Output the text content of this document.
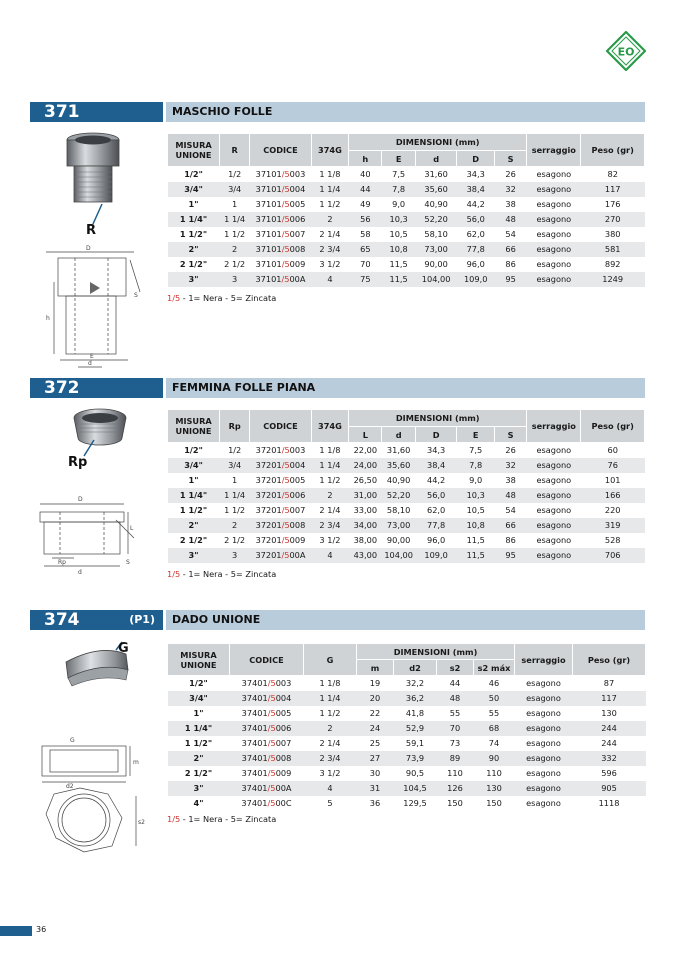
EO
371	MASCHIO FOLLE
R
D
S
E
d
h
MISURA UNIONE	R	CODICE	374G	DIMENSIONI (mm)					serraggio	Peso (gr)
				h	E	d	D	S		
1/2"	1/2	37101/5003	1 1/8	40	7,5	31,60	34,3	26	esagono	82
3/4"	3/4	37101/5004	1 1/4	44	7,8	35,60	38,4	32	esagono	117
1"	1	37101/5005	1 1/2	49	9,0	40,90	44,2	38	esagono	176
1 1/4"	1 1/4	37101/5006	2	56	10,3	52,20	56,0	48	esagono	270
1 1/2"	1 1/2	37101/5007	2 1/4	58	10,5	58,10	62,0	54	esagono	380
2"	2	37101/5008	2 3/4	65	10,8	73,00	77,8	66	esagono	581
2 1/2"	2 1/2	37101/5009	3 1/2	70	11,5	90,00	96,0	86	esagono	892
3"	3	37101/500A	4	75	11,5	104,00	109,0	95	esagono	1249
1/5 - 1= Nera - 5= Zincata
372	FEMMINA FOLLE PIANA
Rp
D
Rp	S
d
L
MISURA UNIONE	Rp	CODICE	374G	DIMENSIONI (mm)					serraggio	Peso (gr)
				L	d	D	E	S		
1/2"	1/2	37201/5003	1 1/8	22,00	31,60	34,3	7,5	26	esagono	60
3/4"	3/4	37201/5004	1 1/4	24,00	35,60	38,4	7,8	32	esagono	76
1"	1	37201/5005	1 1/2	26,50	40,90	44,2	9,0	38	esagono	101
1 1/4"	1 1/4	37201/5006	2	31,00	52,20	56,0	10,3	48	esagono	166
1 1/2"	1 1/2	37201/5007	2 1/4	33,00	58,10	62,0	10,5	54	esagono	220
2"	2	37201/5008	2 3/4	34,00	73,00	77,8	10,8	66	esagono	319
2 1/2"	2 1/2	37201/5009	3 1/2	38,00	90,00	96,0	11,5	86	esagono	528
3"	3	37201/500A	4	43,00	104,00	109,0	11,5	95	esagono	706
1/5 - 1= Nera - 5= Zincata
374	(P1)	DADO UNIONE
G
G
d2
m
s2
MISURA UNIONE	CODICE	G	DIMENSIONI (mm)				serraggio	Peso (gr)
			m	d2	s2	s2 máx		
1/2"	37401/5003	1 1/8	19	32,2	44	46	esagono	87
3/4"	37401/5004	1 1/4	20	36,2	48	50	esagono	117
1"	37401/5005	1 1/2	22	41,8	55	55	esagono	130
1 1/4"	37401/5006	2	24	52,9	70	68	esagono	244
1 1/2"	37401/5007	2 1/4	25	59,1	73	74	esagono	244
2"	37401/5008	2 3/4	27	73,9	89	90	esagono	332
2 1/2"	37401/5009	3 1/2	30	90,5	110	110	esagono	596
3"	37401/500A	4	31	104,5	126	130	esagono	905
4"	37401/500C	5	36	129,5	150	150	esagono	1118
1/5 - 1= Nera - 5= Zincata
36
